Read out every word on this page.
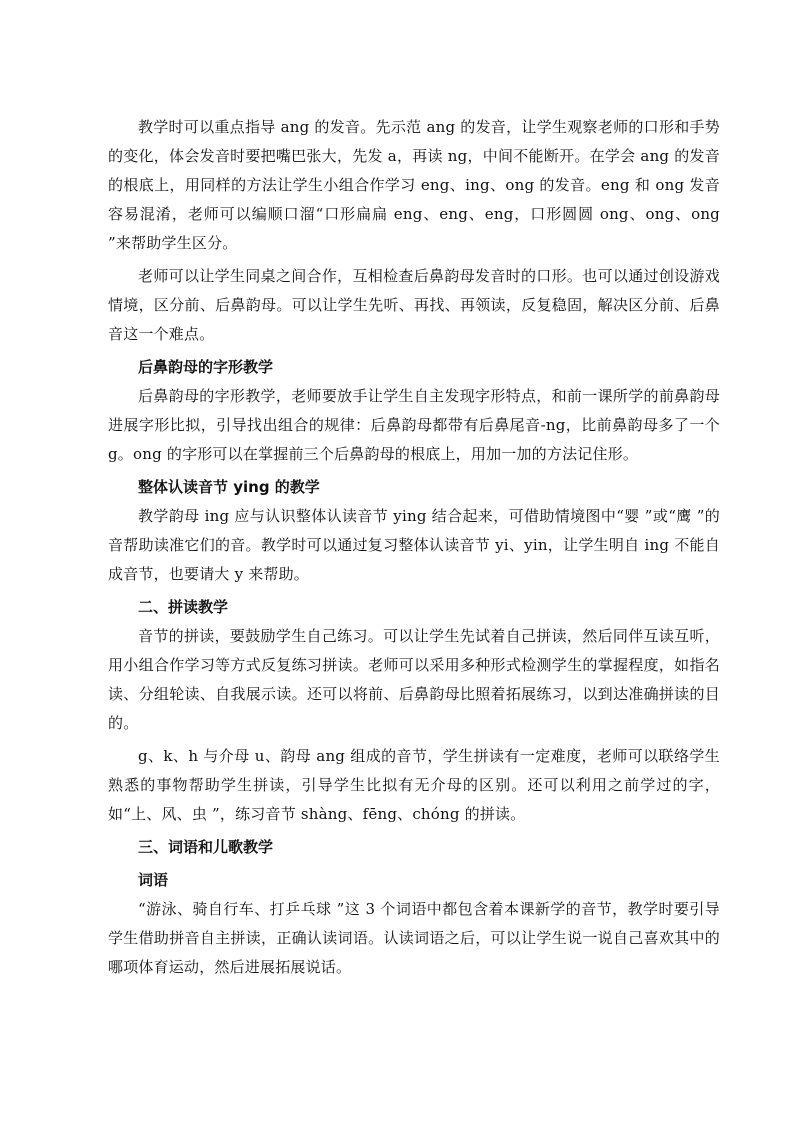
教学时可以重点指导 ang 的发音。先示范 ang 的发音，让学生观察老师的口形和手势的变化，体会发音时要把嘴巴张大，先发 a，再读 ng，中间不能断开。在学会 ang 的发音的根底上，用同样的方法让学生小组合作学习 eng、ing、ong 的发音。eng 和 ong 发音容易混淆，老师可以编顺口溜“口形扁扁 eng、eng、eng，口形圆圆 ong、ong、ong ”来帮助学生区分。

老师可以让学生同桌之间合作，互相检查后鼻韵母发音时的口形。也可以通过创设游戏情境，区分前、后鼻韵母。可以让学生先听、再找、再领读，反复稳固，解决区分前、后鼻音这一个难点。

后鼻韵母的字形教学

后鼻韵母的字形教学，老师要放手让学生自主发现字形特点，和前一课所学的前鼻韵母进展字形比拟，引导找出组合的规律：后鼻韵母都带有后鼻尾音-ng，比前鼻韵母多了一个 g。ong 的字形可以在掌握前三个后鼻韵母的根底上，用加一加的方法记住形。

整体认读音节 ying 的教学

教学韵母 ing 应与认识整体认读音节 ying 结合起来，可借助情境图中“婴 ”或“鹰 ”的音帮助读准它们的音。教学时可以通过复习整体认读音节 yi、yin，让学生明自 ing 不能自成音节，也要请大 y 来帮助。

二、拼读教学

音节的拼读，要鼓励学生自己练习。可以让学生先试着自己拼读，然后同伴互读互听，用小组合作学习等方式反复练习拼读。老师可以采用多种形式检测学生的掌握程度，如指名读、分组轮读、自我展示读。还可以将前、后鼻韵母比照着拓展练习，以到达准确拼读的目的。

g、k、h 与介母 u、韵母 ang 组成的音节，学生拼读有一定难度，老师可以联络学生熟悉的事物帮助学生拼读，引导学生比拟有无介母的区别。还可以利用之前学过的字，如“上、风、虫 ”，练习音节 shàng、fēng、chóng 的拼读。

三、词语和儿歌教学
词语

“游泳、骑自行车、打乒乓球 ”这 3 个词语中都包含着本课新学的音节，教学时要引导学生借助拼音自主拼读，正确认读词语。认读词语之后，可以让学生说一说自己喜欢其中的哪项体育运动，然后进展拓展说话。
